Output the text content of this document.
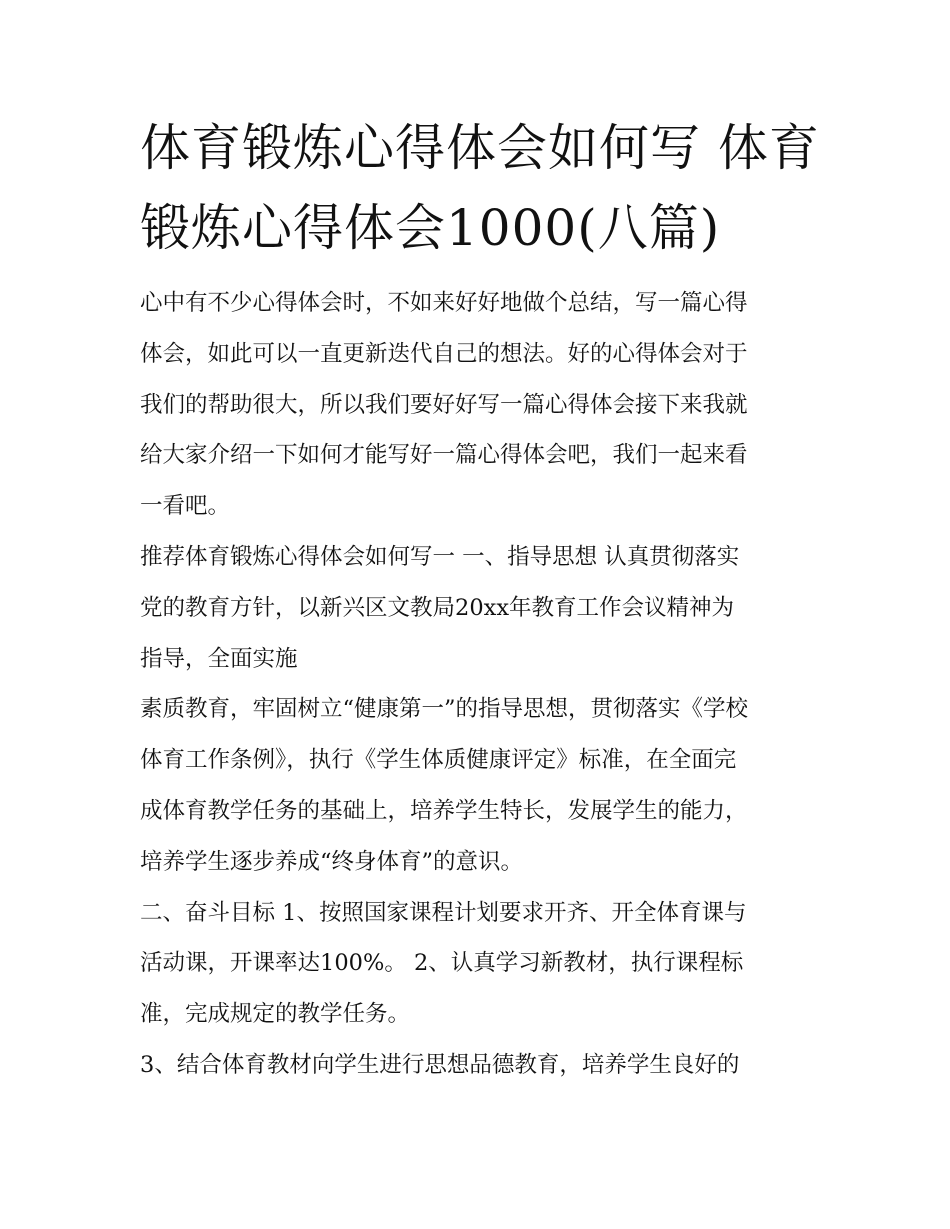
体育锻炼心得体会如何写 体育
锻炼心得体会1000(八篇)

心中有不少心得体会时，不如来好好地做个总结，写一篇心得
体会，如此可以一直更新迭代自己的想法。好的心得体会对于
我们的帮助很大，所以我们要好好写一篇心得体会接下来我就
给大家介绍一下如何才能写好一篇心得体会吧，我们一起来看
一看吧。

推荐体育锻炼心得体会如何写一 一、指导思想 认真贯彻落实
党的教育方针，以新兴区文教局20xx年教育工作会议精神为
指导，全面实施

素质教育，牢固树立“健康第一”的指导思想，贯彻落实《学校
体育工作条例》，执行《学生体质健康评定》标准，在全面完
成体育教学任务的基础上，培养学生特长，发展学生的能力，
培养学生逐步养成“终身体育”的意识。

二、奋斗目标 1、按照国家课程计划要求开齐、开全体育课与
活动课，开课率达100%。 2、认真学习新教材，执行课程标
准，完成规定的教学任务。

3、结合体育教材向学生进行思想品德教育，培养学生良好的
